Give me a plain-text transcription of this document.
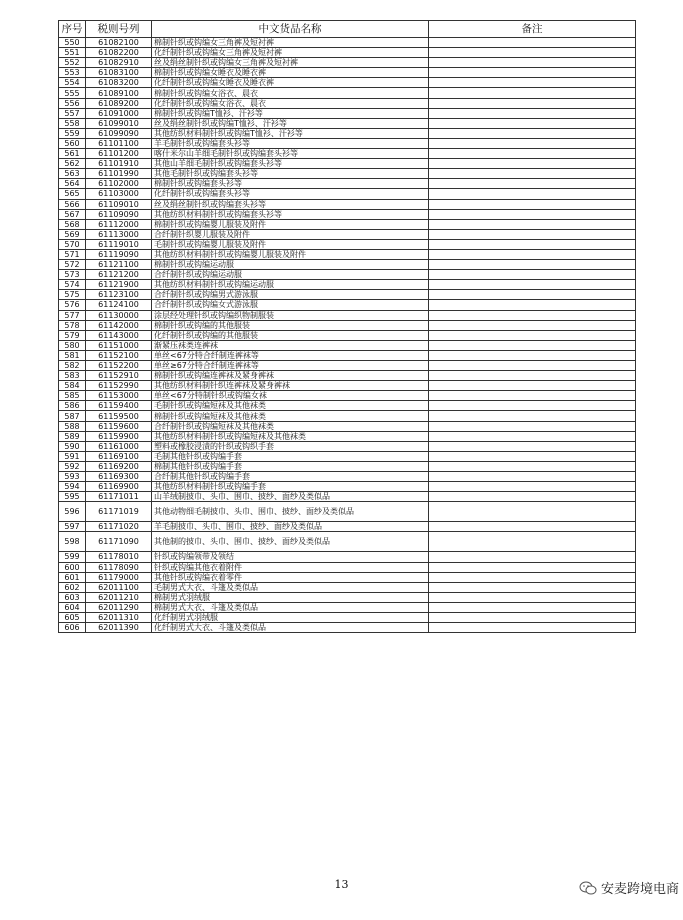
序号	税则号列	中文货品名称	备注
550	61082100	棉制针织或钩编女三角裤及短衬裤	
551	61082200	化纤制针织或钩编女三角裤及短衬裤	
552	61082910	丝及绢丝制针织或钩编女三角裤及短衬裤	
553	61083100	棉制针织或钩编女睡衣及睡衣裤	
554	61083200	化纤制针织或钩编女睡衣及睡衣裤	
555	61089100	棉制针织或钩编女浴衣、晨衣	
556	61089200	化纤制针织或钩编女浴衣、晨衣	
557	61091000	棉制针织或钩编T恤衫、汗衫等	
558	61099010	丝及绢丝制针织或钩编T恤衫、汗衫等	
559	61099090	其他纺织材料制针织或钩编T恤衫、汗衫等	
560	61101100	羊毛制针织或钩编套头衫等	
561	61101200	喀什米尔山羊细毛制针织或钩编套头衫等	
562	61101910	其他山羊细毛制针织或钩编套头衫等	
563	61101990	其他毛制针织或钩编套头衫等	
564	61102000	棉制针织或钩编套头衫等	
565	61103000	化纤制针织或钩编套头衫等	
566	61109010	丝及绢丝制针织或钩编套头衫等	
567	61109090	其他纺织材料制针织或钩编套头衫等	
568	61112000	棉制针织或钩编婴儿服装及附件	
569	61113000	合纤制针织婴儿服装及附件	
570	61119010	毛制针织或钩编婴儿服装及附件	
571	61119090	其他纺织材料制针织或钩编婴儿服装及附件	
572	61121100	棉制针织或钩编运动服	
573	61121200	合纤制针织或钩编运动服	
574	61121900	其他纺织材料制针织或钩编运动服	
575	61123100	合纤制针织或钩编男式游泳服	
576	61124100	合纤制针织或钩编女式游泳服	
577	61130000	涂层经处理针织或钩编织物制服装	
578	61142000	棉制针织或钩编的其他服装	
579	61143000	化纤制针织或钩编的其他服装	
580	61151000	渐紧压袜类连裤袜	
581	61152100	单丝<67分特合纤制连裤袜等	
582	61152200	单丝≥67分特合纤制连裤袜等	
583	61152910	棉制针织或钩编连裤袜及紧身裤袜	
584	61152990	其他纺织材料制针织连裤袜及紧身裤袜	
585	61153000	单丝<67分特制针织或钩编女袜	
586	61159400	毛制针织或钩编短袜及其他袜类	
587	61159500	棉制针织或钩编短袜及其他袜类	
588	61159600	合纤制针织或钩编短袜及其他袜类	
589	61159900	其他纺织材料制针织或钩编短袜及其他袜类	
590	61161000	塑料或橡胶浸渍的针织或钩织手套	
591	61169100	毛制其他针织或钩编手套	
592	61169200	棉制其他针织或钩编手套	
593	61169300	合纤制其他针织或钩编手套	
594	61169900	其他纺织材料制针织或钩编手套	
595	61171011	山羊绒制披巾、头巾、围巾、披纱、面纱及类似品	
596	61171019	其他动物细毛制披巾、头巾、围巾、披纱、面纱及类似品	
597	61171020	羊毛制披巾、头巾、围巾、披纱、面纱及类似品	
598	61171090	其他制的披巾、头巾、围巾、披纱、面纱及类似品	
599	61178010	针织或钩编领带及领结	
600	61178090	针织或钩编其他衣着附件	
601	61179000	其他针织或钩编衣着零件	
602	62011100	毛制男式大衣、斗篷及类似品	
603	62011210	棉制男式羽绒服	
604	62011290	棉制男式大衣、斗篷及类似品	
605	62011310	化纤制男式羽绒服	
606	62011390	化纤制男式大衣、斗篷及类似品	
13	安麦跨境电商
